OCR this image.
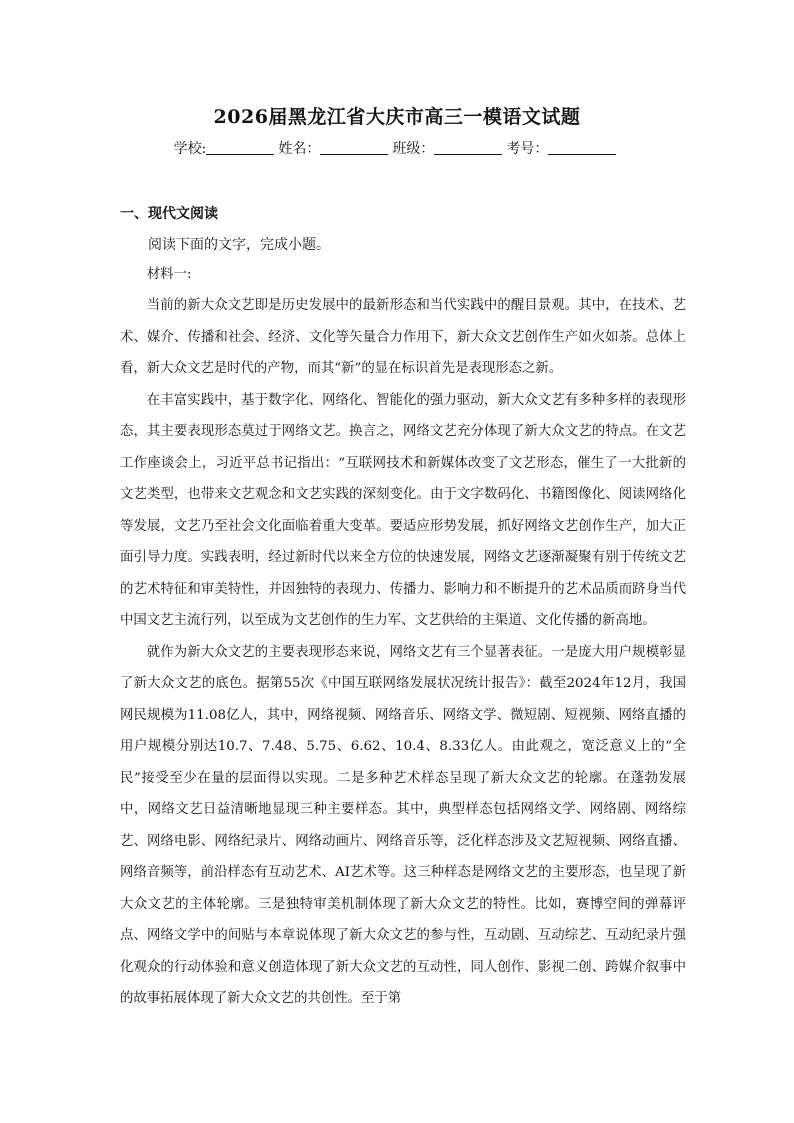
2026届黑龙江省大庆市高三一模语文试题
学校:	姓名：	班级：	考号：
一、现代文阅读

阅读下面的文字，完成小题。

材料一:

当前的新大众文艺即是历史发展中的最新形态和当代实践中的醒目景观。其中，在技术、艺术、媒介、传播和社会、经济、文化等矢量合力作用下，新大众文艺创作生产如火如荼。总体上看，新大众文艺是时代的产物，而其“新”的显在标识首先是表现形态之新。

在丰富实践中，基于数字化、网络化、智能化的强力驱动，新大众文艺有多种多样的表现形态，其主要表现形态莫过于网络文艺。换言之，网络文艺充分体现了新大众文艺的特点。在文艺工作座谈会上，习近平总书记指出：“互联网技术和新媒体改变了文艺形态，催生了一大批新的文艺类型，也带来文艺观念和文艺实践的深刻变化。由于文字数码化、书籍图像化、阅读网络化等发展，文艺乃至社会文化面临着重大变革。要适应形势发展，抓好网络文艺创作生产，加大正面引导力度。实践表明，经过新时代以来全方位的快速发展，网络文艺逐渐凝聚有别于传统文艺的艺术特征和审美特性，并因独特的表现力、传播力、影响力和不断提升的艺术品质而跻身当代中国文艺主流行列，以至成为文艺创作的生力军、文艺供给的主渠道、文化传播的新高地。

就作为新大众文艺的主要表现形态来说，网络文艺有三个显著表征。一是庞大用户规模彰显了新大众文艺的底色。据第55次《中国互联网络发展状况统计报告》：截至2024年12月，我国网民规模为11.08亿人，其中，网络视频、网络音乐、网络文学、微短剧、短视频、网络直播的用户规模分别达10.7、7.48、5.75、6.62、10.4、8.33亿人。由此观之，宽泛意义上的“全民”接受至少在量的层面得以实现。二是多种艺术样态呈现了新大众文艺的轮廓。在蓬勃发展中，网络文艺日益清晰地显现三种主要样态。其中，典型样态包括网络文学、网络剧、网络综艺、网络电影、网络纪录片、网络动画片、网络音乐等，泛化样态涉及文艺短视频、网络直播、网络音频等，前沿样态有互动艺术、AI艺术等。这三种样态是网络文艺的主要形态，也呈现了新大众文艺的主体轮廓。三是独特审美机制体现了新大众文艺的特性。比如，赛博空间的弹幕评点、网络文学中的间贴与本章说体现了新大众文艺的参与性，互动剧、互动综艺、互动纪录片强化观众的行动体验和意义创造体现了新大众文艺的互动性，同人创作、影视二创、跨媒介叙事中的故事拓展体现了新大众文艺的共创性。至于第
